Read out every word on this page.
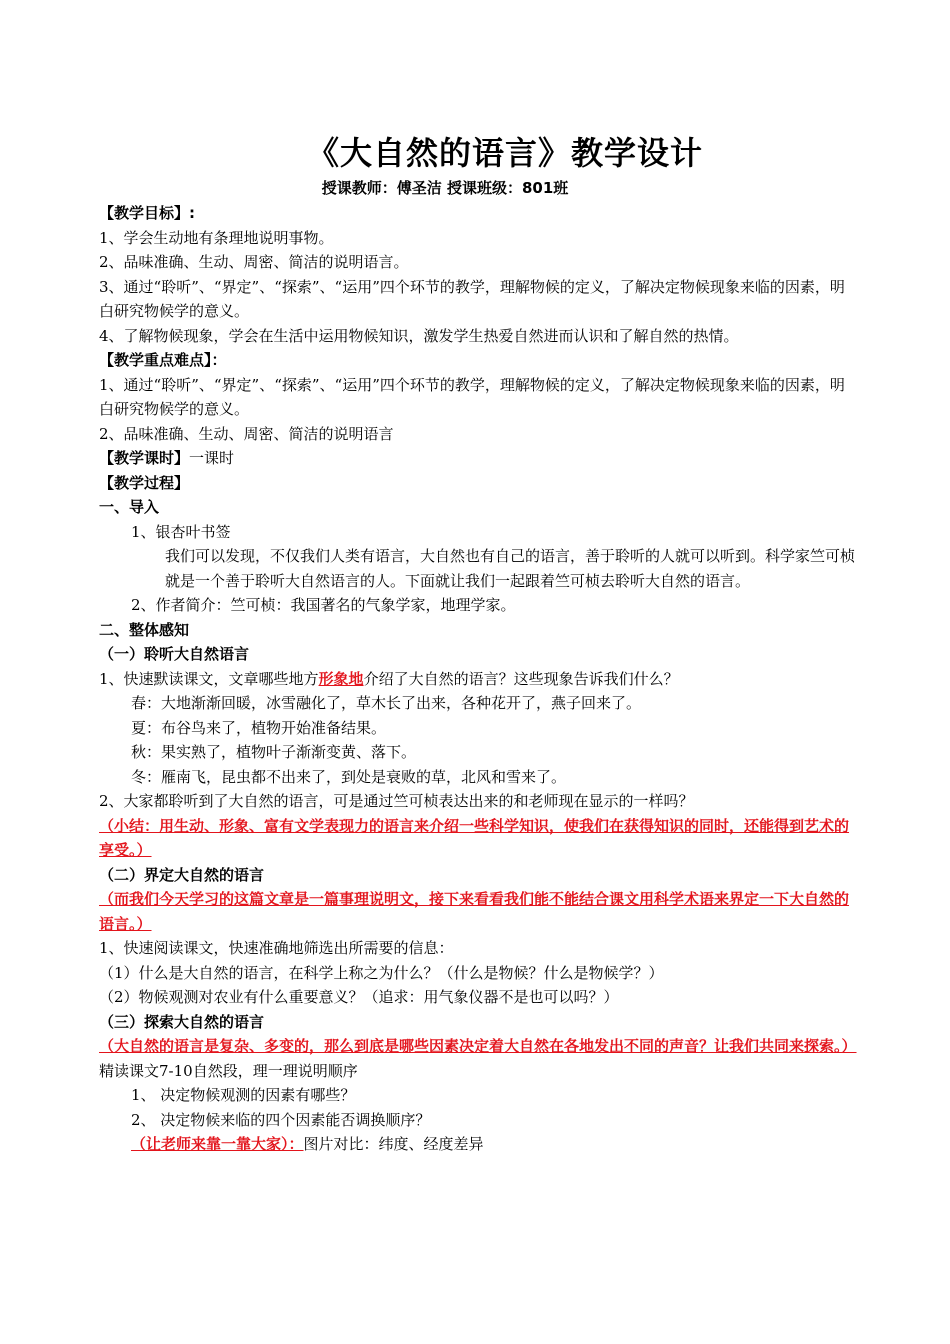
《大自然的语言》教学设计
授课教师：傅圣洁 授课班级：801班
【教学目标】:
1、学会生动地有条理地说明事物。
2、品味准确、生动、周密、简洁的说明语言。
3、通过“聆听”、“界定”、“探索”、“运用”四个环节的教学，理解物候的定义，了解决定物候现象来临的因素，明白研究物候学的意义。
4、了解物候现象，学会在生活中运用物候知识，激发学生热爱自然进而认识和了解自然的热情。
【教学重点难点】：
1、通过“聆听”、“界定”、“探索”、“运用”四个环节的教学，理解物候的定义，了解决定物候现象来临的因素，明白研究物候学的意义。
2、品味准确、生动、周密、简洁的说明语言
【教学课时】一课时
【教学过程】
一、导入
1、银杏叶书签
我们可以发现，不仅我们人类有语言，大自然也有自己的语言，善于聆听的人就可以听到。科学家竺可桢就是一个善于聆听大自然语言的人。下面就让我们一起跟着竺可桢去聆听大自然的语言。
2、作者简介：竺可桢：我国著名的气象学家，地理学家。
二、整体感知
（一）聆听大自然语言
1、快速默读课文，文章哪些地方形象地介绍了大自然的语言？这些现象告诉我们什么？
春：大地渐渐回暖，冰雪融化了，草木长了出来，各种花开了，燕子回来了。
夏：布谷鸟来了，植物开始准备结果。
秋：果实熟了，植物叶子渐渐变黄、落下。
冬：雁南飞，昆虫都不出来了，到处是衰败的草，北风和雪来了。
2、大家都聆听到了大自然的语言，可是通过竺可桢表达出来的和老师现在显示的一样吗？
（小结：用生动、形象、富有文学表现力的语言来介绍一些科学知识，使我们在获得知识的同时，还能得到艺术的享受。）
（二）界定大自然的语言
（而我们今天学习的这篇文章是一篇事理说明文，接下来看看我们能不能结合课文用科学术语来界定一下大自然的语言。）
1、快速阅读课文，快速准确地筛选出所需要的信息：
（1）什么是大自然的语言，在科学上称之为什么？（什么是物候？什么是物候学？）
（2）物候观测对农业有什么重要意义？（追求：用气象仪器不是也可以吗？）
（三）探索大自然的语言
（大自然的语言是复杂、多变的，那么到底是哪些因素决定着大自然在各地发出不同的声音？让我们共同来探索。）
精读课文7-10自然段，理一理说明顺序
1、 决定物候观测的因素有哪些？
2、 决定物候来临的四个因素能否调换顺序？
（让老师来靠一靠大家）：图片对比：纬度、经度差异
